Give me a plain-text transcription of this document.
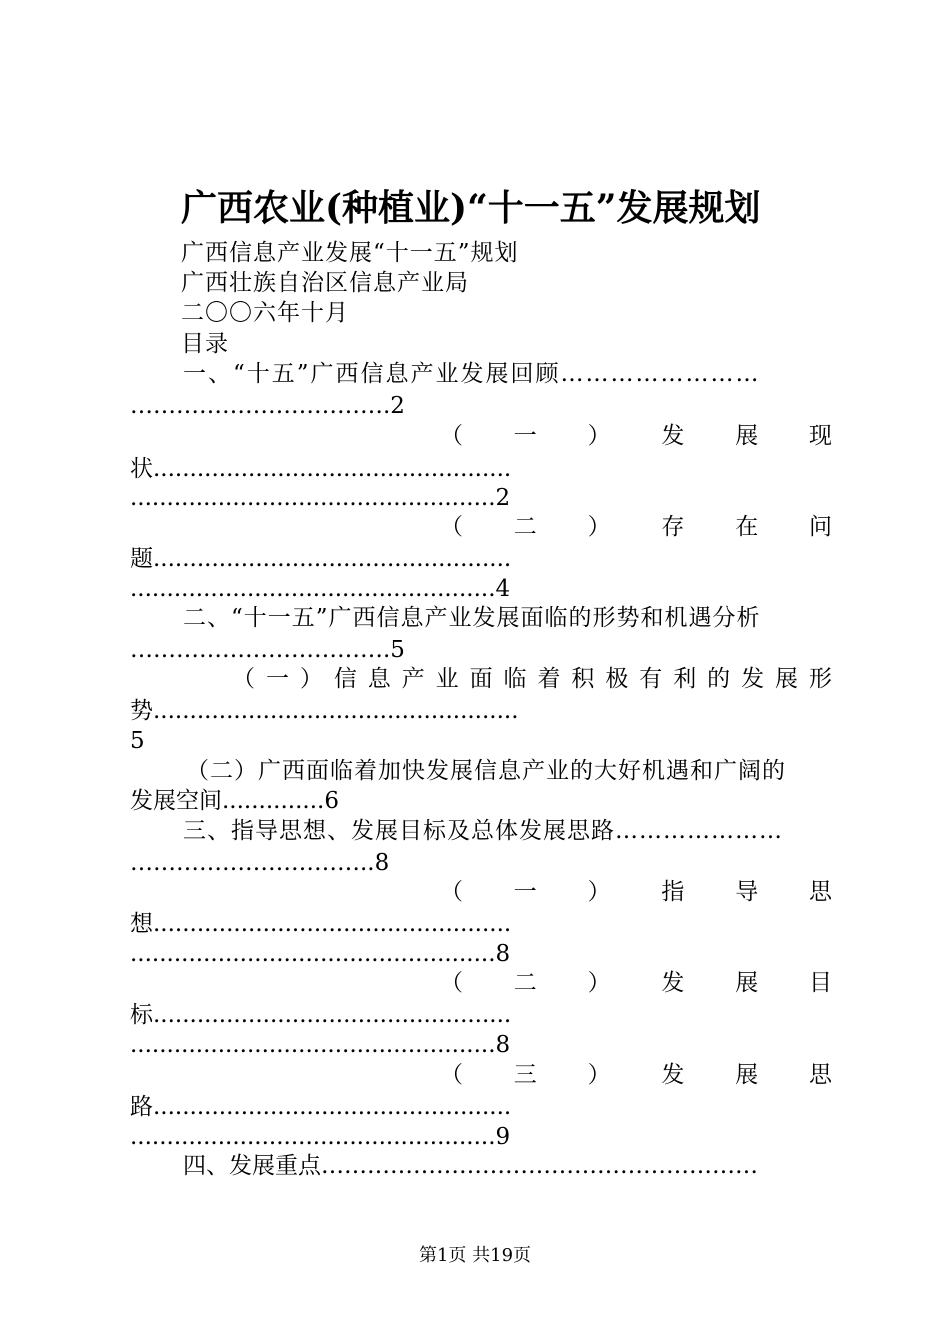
广西农业(种植业)“十一五”发展规划
广西信息产业发展“十一五”规划
广西壮族自治区信息产业局
二〇〇六年十月
目录
一、“十五”广西信息产业发展回顾……………………
…………………………….2
（ 一 ） 发 展 现
状.................................................
..................................................2
（ 二 ） 存 在 问
题.................................................
..................................................4
二、“十一五”广西信息产业发展面临的形势和机遇分析
…………………………….5
（ 一 ） 信 息 产 业 面 临 着 积 极 有 利 的 发 展 形
势..................................................
5
（二）广西面临着加快发展信息产业的大好机遇和广阔的
发展空间..............6
三、指导思想、发展目标及总体发展思路…………………
…………………………..8
（ 一 ） 指 导 思
想.................................................
..................................................8
（ 二 ） 发 展 目
标.................................................
..................................................8
（ 三 ） 发 展 思
路.................................................
..................................................9
四、发展重点…………………………………………………
第1页 共19页
